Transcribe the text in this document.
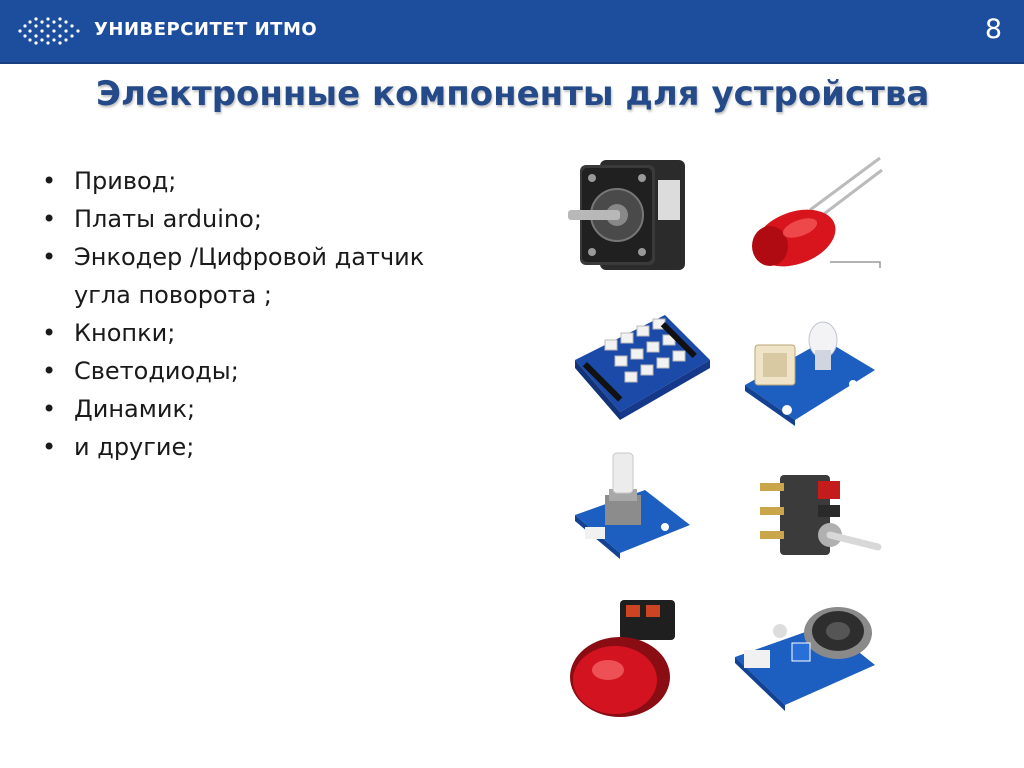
УНИВЕРСИТЕТ ИТМО	8
Электронные компоненты для устройства
• Привод;
• Платы arduino;
• Энкодер /Цифровой датчик
угла поворота ;
• Кнопки;
• Светодиоды;
• Динамик;
• и другие;
